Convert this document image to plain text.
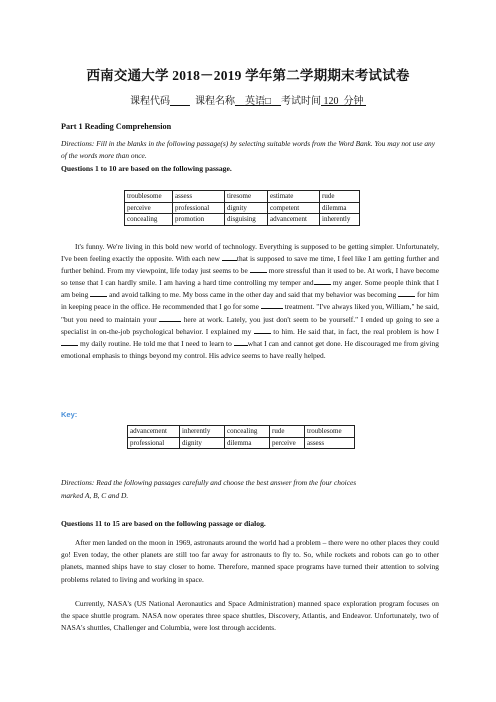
西南交通大学 2018－2019 学年第二学期期末考试试卷
课程代码	课程名称 英语□ 考试时间 120  分钟
Part 1 Reading Comprehension
Directions: Fill in the blanks in the following passage(s) by selecting suitable words from the Word Bank. You may not use any of the words more than once.
Questions 1 to 10 are based on the following passage.
troublesome	assess	tiresome	estimate	rude
perceive	professional	dignity	competent	dilemma
concealing	promotion	disguising	advancement	inherently
It's funny. We're living in this bold new world of technology. Everything is supposed to be getting simpler. Unfortunately, I've been feeling exactly the opposite. With each new that is supposed to save me time, I feel like I am getting further and further behind. From my viewpoint, life today just seems to be  more stressful than it used to be. At work, I have become so tense that I can hardly smile. I am having a hard time controlling my temper and my anger. Some people think that I am being  and avoid talking to me. My boss came in the other day and said that my behavior was becoming  for him in keeping peace in the office. He recommended that I go for some	treatment. "I've always liked you, William," he said, "but you need to maintain your	here at work. Lately, you just don't seem to be yourself." I ended up going to see a specialist in on-the-job psychological behavior. I explained my  to him. He said that, in fact, the real problem is how I  my daily routine. He told me that I need to learn to what I can and cannot get done. He discouraged me from giving emotional emphasis to things beyond my control. His advice seems to have really helped.
Key:
advancement	inherently	concealing	rude	troublesome
professional	dignity	dilemma	perceive	assess
Directions: Read the following passages carefully and choose the best answer from the four choices marked A, B, C and D.
Questions 11 to 15 are based on the following passage or dialog.
After men landed on the moon in 1969, astronauts around the world had a problem – there were no other places they could go! Even today, the other planets are still too far away for astronauts to fly to. So, while rockets and robots can go to other planets, manned ships have to stay closer to home. Therefore, manned space programs have turned their attention to solving problems related to living and working in space.
Currently, NASA's (US National Aeronautics and Space Administration) manned space exploration program focuses on the space shuttle program. NASA now operates three space shuttles, Discovery, Atlantis, and Endeavor. Unfortunately, two of NASA's shuttles, Challenger and Columbia, were lost through accidents.
